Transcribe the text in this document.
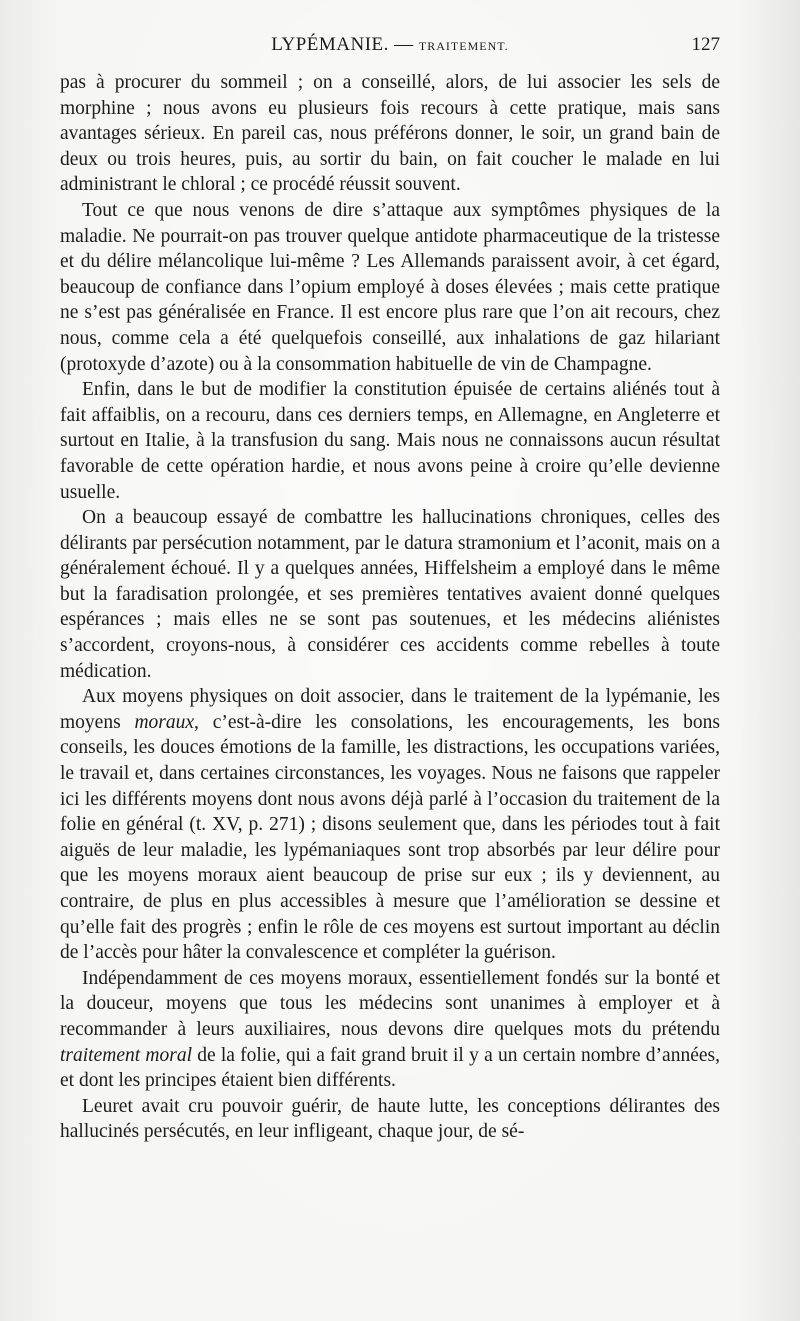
LYPÉMANIE. — TRAITEMENT.	127

pas à procurer du sommeil ; on a conseillé, alors, de lui associer les sels de morphine ; nous avons eu plusieurs fois recours à cette pratique, mais sans avantages sérieux. En pareil cas, nous préférons donner, le soir, un grand bain de deux ou trois heures, puis, au sortir du bain, on fait coucher le malade en lui administrant le chloral ; ce procédé réussit souvent.

Tout ce que nous venons de dire s’attaque aux symptômes physiques de la maladie. Ne pourrait-on pas trouver quelque antidote pharmaceutique de la tristesse et du délire mélancolique lui-même ? Les Allemands paraissent avoir, à cet égard, beaucoup de confiance dans l’opium employé à doses élevées ; mais cette pratique ne s’est pas généralisée en France. Il est encore plus rare que l’on ait recours, chez nous, comme cela a été quelquefois conseillé, aux inhalations de gaz hilariant (protoxyde d’azote) ou à la consommation habituelle de vin de Champagne.

Enfin, dans le but de modifier la constitution épuisée de certains aliénés tout à fait affaiblis, on a recouru, dans ces derniers temps, en Allemagne, en Angleterre et surtout en Italie, à la transfusion du sang. Mais nous ne connaissons aucun résultat favorable de cette opération hardie, et nous avons peine à croire qu’elle devienne usuelle.

On a beaucoup essayé de combattre les hallucinations chroniques, celles des délirants par persécution notamment, par le datura stramonium et l’aconit, mais on a généralement échoué. Il y a quelques années, Hiffelsheim a employé dans le même but la faradisation prolongée, et ses premières tentatives avaient donné quelques espérances ; mais elles ne se sont pas soutenues, et les médecins aliénistes s’accordent, croyons-nous, à considérer ces accidents comme rebelles à toute médication.

Aux moyens physiques on doit associer, dans le traitement de la lypémanie, les moyens moraux, c’est-à-dire les consolations, les encouragements, les bons conseils, les douces émotions de la famille, les distractions, les occupations variées, le travail et, dans certaines circonstances, les voyages. Nous ne faisons que rappeler ici les différents moyens dont nous avons déjà parlé à l’occasion du traitement de la folie en général (t. XV, p. 271) ; disons seulement que, dans les périodes tout à fait aiguës de leur maladie, les lypémaniaques sont trop absorbés par leur délire pour que les moyens moraux aient beaucoup de prise sur eux ; ils y deviennent, au contraire, de plus en plus accessibles à mesure que l’amélioration se dessine et qu’elle fait des progrès ; enfin le rôle de ces moyens est surtout important au déclin de l’accès pour hâter la convalescence et compléter la guérison.

Indépendamment de ces moyens moraux, essentiellement fondés sur la bonté et la douceur, moyens que tous les médecins sont unanimes à employer et à recommander à leurs auxiliaires, nous devons dire quelques mots du prétendu traitement moral de la folie, qui a fait grand bruit il y a un certain nombre d’années, et dont les principes étaient bien différents.

Leuret avait cru pouvoir guérir, de haute lutte, les conceptions délirantes des hallucinés persécutés, en leur infligeant, chaque jour, de sé-
